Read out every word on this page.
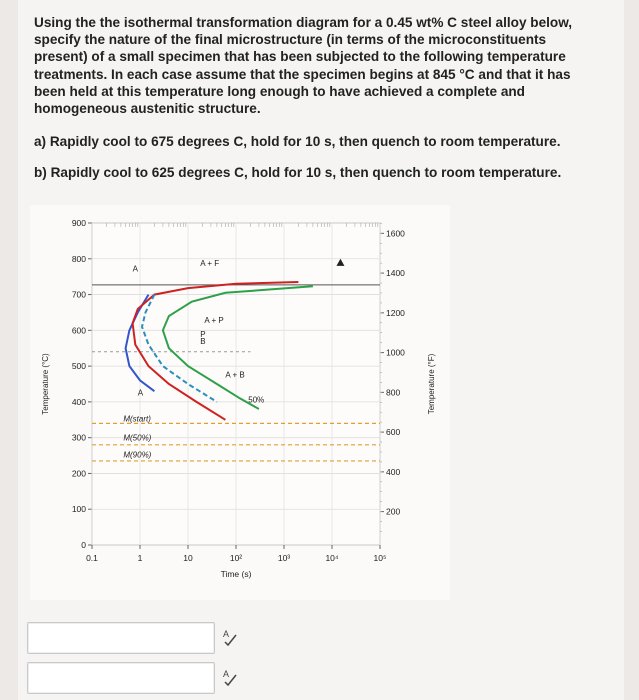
Using the the isothermal transformation diagram for a 0.45 wt% C steel alloy below, specify the nature of the final microstructure (in terms of the microconstituents present) of a small specimen that has been subjected to the following temperature treatments. In each case assume that the specimen begins at 845 °C and that it has been held at this temperature long enough to have achieved a complete and homogeneous austenitic structure.
a) Rapidly cool to 675 degrees C, hold for 10 s, then quench to room temperature.
b) Rapidly cool to 625 degrees C, hold for 10 s, then quench to room temperature.
900
800
700
600
500
400
300
200
100
0
1600
1400
1200
1000
800
600
400
200
0.1	1	10	10²	10³	10⁴	10⁵
Time (s)
Temperature (°C)	Temperature (°F)
A
A + F
A + P
P
B
A + B
A
50%
M(start)
M(50%)
M(90%)
A
A
